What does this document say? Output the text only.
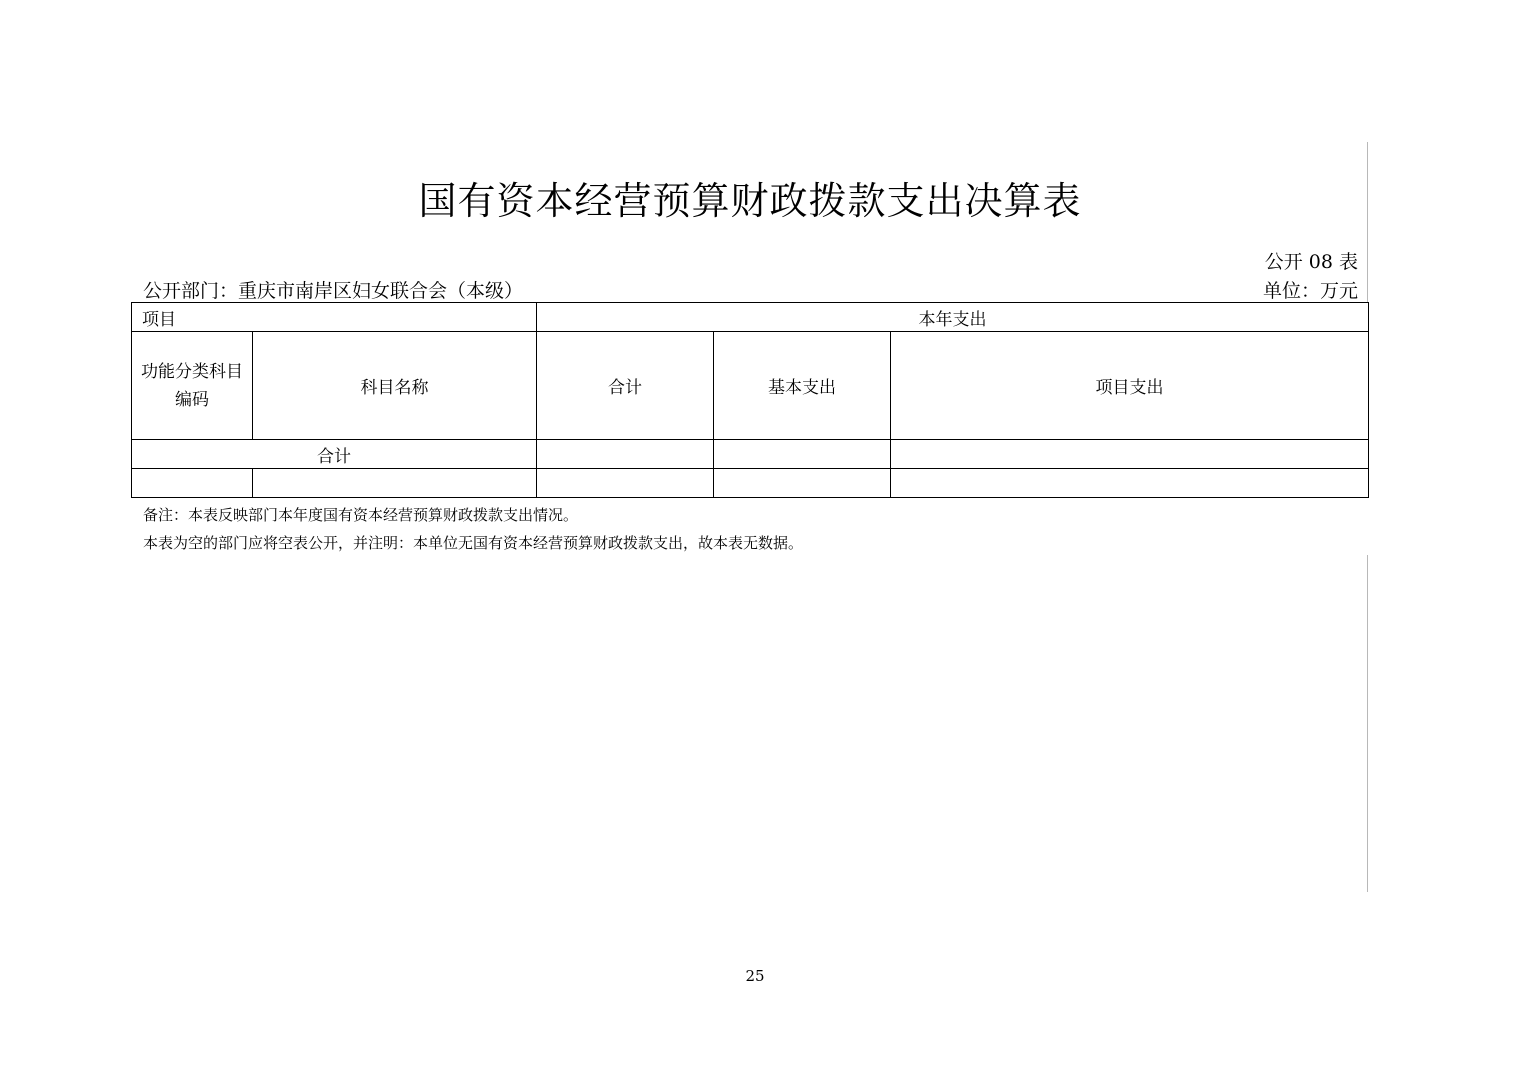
国有资本经营预算财政拨款支出决算表
公开 08 表
公开部门：重庆市南岸区妇女联合会（本级）	单位：万元
项目		本年支出		
功能分类科目编码	科目名称	合计	基本支出	项目支出
合计				

备注：本表反映部门本年度国有资本经营预算财政拨款支出情况。
本表为空的部门应将空表公开，并注明：本单位无国有资本经营预算财政拨款支出，故本表无数据。
25
